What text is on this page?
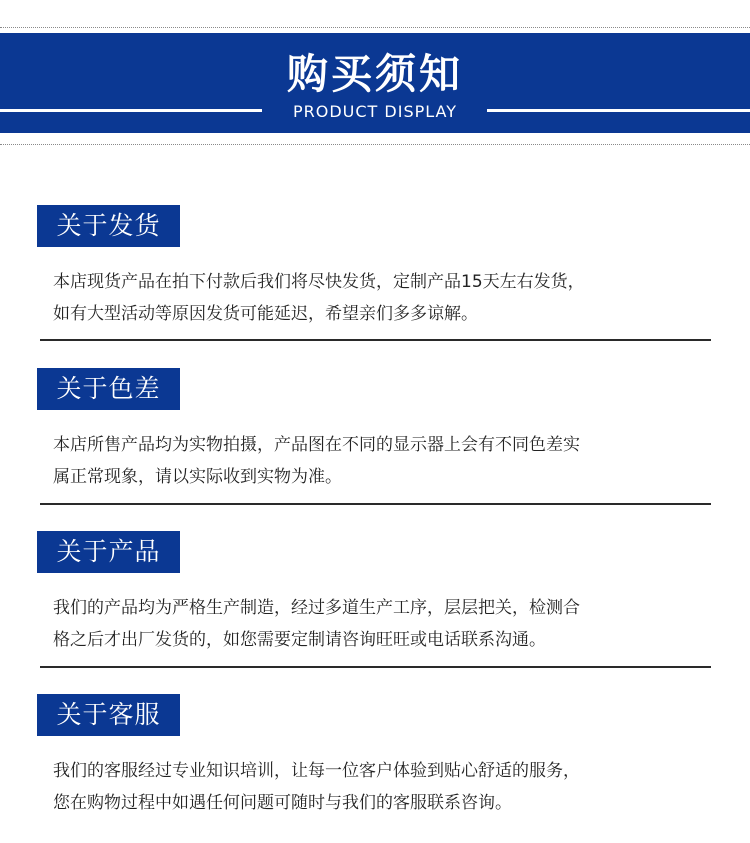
购买须知
PRODUCT DISPLAY
关于发货
本店现货产品在拍下付款后我们将尽快发货，定制产品15天左右发货，
如有大型活动等原因发货可能延迟，希望亲们多多谅解。
关于色差
本店所售产品均为实物拍摄，产品图在不同的显示器上会有不同色差实
属正常现象，请以实际收到实物为准。
关于产品
我们的产品均为严格生产制造，经过多道生产工序，层层把关，检测合
格之后才出厂发货的，如您需要定制请咨询旺旺或电话联系沟通。
关于客服
我们的客服经过专业知识培训，让每一位客户体验到贴心舒适的服务，
您在购物过程中如遇任何问题可随时与我们的客服联系咨询。
